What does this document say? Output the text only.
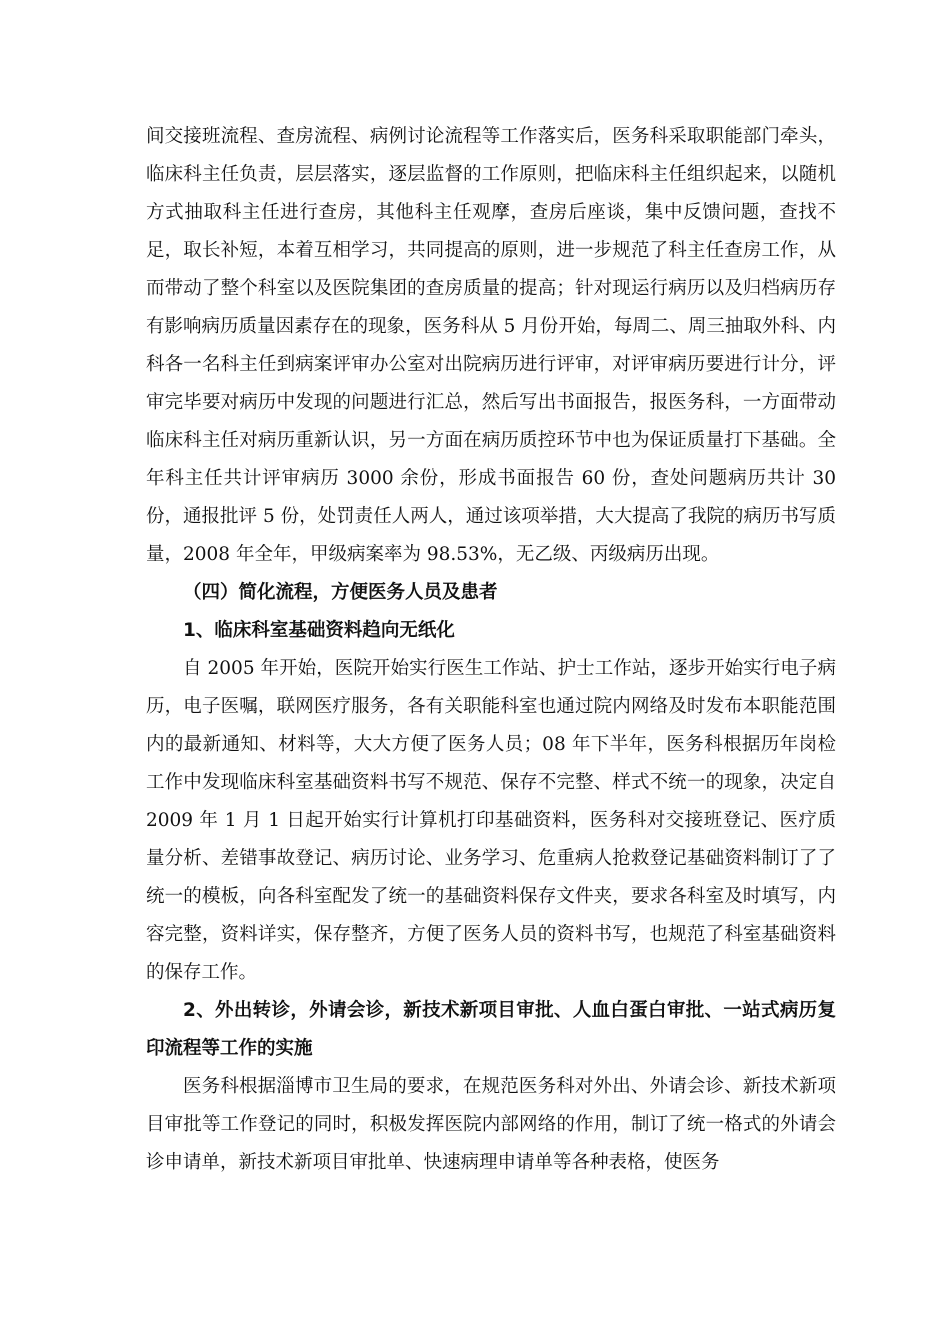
间交接班流程、查房流程、病例讨论流程等工作落实后，医务科采取职能部门牵头，临床科主任负责，层层落实，逐层监督的工作原则，把临床科主任组织起来，以随机方式抽取科主任进行查房，其他科主任观摩，查房后座谈，集中反馈问题，查找不足，取长补短，本着互相学习，共同提高的原则，进一步规范了科主任查房工作，从而带动了整个科室以及医院集团的查房质量的提高；针对现运行病历以及归档病历存有影响病历质量因素存在的现象，医务科从 5 月份开始，每周二、周三抽取外科、内科各一名科主任到病案评审办公室对出院病历进行评审，对评审病历要进行计分，评审完毕要对病历中发现的问题进行汇总，然后写出书面报告，报医务科，一方面带动临床科主任对病历重新认识，另一方面在病历质控环节中也为保证质量打下基础。全年科主任共计评审病历 3000 余份，形成书面报告 60 份，查处问题病历共计 30 份，通报批评 5 份，处罚责任人两人，通过该项举措，大大提高了我院的病历书写质量，2008 年全年，甲级病案率为 98.53%，无乙级、丙级病历出现。

（四）简化流程，方便医务人员及患者

1、临床科室基础资料趋向无纸化

自 2005 年开始，医院开始实行医生工作站、护士工作站，逐步开始实行电子病历，电子医嘱，联网医疗服务，各有关职能科室也通过院内网络及时发布本职能范围内的最新通知、材料等，大大方便了医务人员；08 年下半年，医务科根据历年岗检工作中发现临床科室基础资料书写不规范、保存不完整、样式不统一的现象，决定自 2009 年 1 月 1 日起开始实行计算机打印基础资料，医务科对交接班登记、医疗质量分析、差错事故登记、病历讨论、业务学习、危重病人抢救登记基础资料制订了了统一的模板，向各科室配发了统一的基础资料保存文件夹，要求各科室及时填写，内容完整，资料详实，保存整齐，方便了医务人员的资料书写，也规范了科室基础资料的保存工作。

2、外出转诊，外请会诊，新技术新项目审批、人血白蛋白审批、一站式病历复印流程等工作的实施

医务科根据淄博市卫生局的要求，在规范医务科对外出、外请会诊、新技术新项目审批等工作登记的同时，积极发挥医院内部网络的作用，制订了统一格式的外请会诊申请单，新技术新项目审批单、快速病理申请单等各种表格，使医务
